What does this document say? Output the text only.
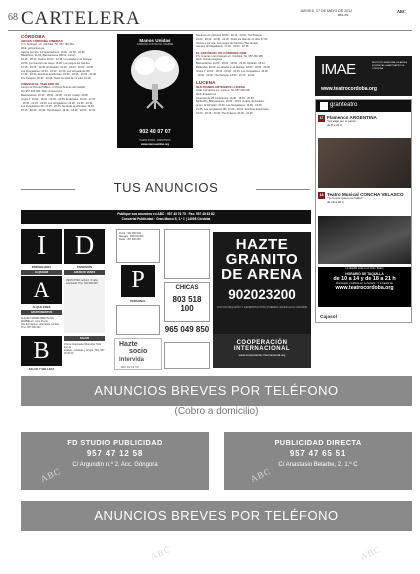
68 CARTELERA	JUEVES, 17 DE MAYO DE 2012
abc.es
ABC
CÓRDOBA
ARCOS CÓRDOBA CINEMAS

C.C. Arcángel, s/n. Córdoba. Tel. 957 760 461

Web: yelmocines.es

Agente secreto. 14 espectadores: 16:00 · 20:00 · 22:35

Blackthorn. 21:00. Blancanieves (Mirror, mirror).

16:15 · 18:30. Cuatro: 16:00 · 22:45. La cabaña en el bosque:

22:50. La invención de Hugo: 16:00. Los juegos del hambre:

16:15 · 19:15 · 22:00. El dictador: 16:00 · 18:00 · 20:00 · 22:00.

Los Vengadores: 16:30 · 19:30 · 22:30. Los Vengadores 3D:

17:30 · 20:30. Sombras tenebrosas: 16:00 · 18:15 · 20:30 · 22:45.

The Pelayos: 18:30 · 20:45. Todos los días de mi vida: 16:00.

CINESUR EL TABLERO 3D

Centro de Ocio El Tablero. C/ Pintor Antonio del Castillo.

Tel. 957 400 000. Web: cinesur.com

Blancanieves: 16:30 · 18:30 · 20:30 · 22:30. Cuatro: 20:30.

Grupo 7: 16:00 · 18:15 · 20:30 · 22:45. El dictador: 16:00 · 17:45

· 19:30 · 21:15 · 23:00. Los Vengadores: 16:30 · 19:30 · 22:30.

Los Vengadores 3D: 17:45 · 20:45. Sombras tenebrosas: 16:00 ·

18:15 · 20:30 · 22:45. The Pelayos: 16:00 · 18:00 · 20:00 · 22:00.

Manos Unidas
CAMPAÑA CONTRA EL HAMBRE
902 40 07 07
HAZTE SOCIO · DONATIVOS
www.manosunidas.org

Nombres con historia: 18:00 · 20:15 · 22:30. The Pelayos:

16:00 · 18:30 · 20:30 · 22:30. Todos los días de mi vida: 17:00.

Vamos a por ella. Los juegos del hambre (The Hunger

Games) de Magallanes: 17:00 · 20:00 · 22:30.

EL ARCÁNGEL DE CÓRDOBA CINE

P.S. Guerrero del Arcángel s/n. Córdoba. Tel. 957 260 185

Web: cinesarcangel.es

Blancanieves: 16:00 · 18:00 · 20:00 · 22:00. Dictador: 18:10.

Battleship: 20:00. La cabaña en el bosque: 16:00 · 18:00 · 20:00.

Grupo 7: 16:00 · 18:15 · 20:30 · 22:45. Los Vengadores: 16:00

· 19:00 · 22:00. The Pelayos: 18:00 · 20:15 · 22:30.

LUCENA
MULTICINES ARTESIETE LUCENA

Avda. Cervantes s/n. Lucena. Tel. 957 000 000

Web: artesiete.es

Atracción de 25 inmigrantes: 16:00 · 18:15 · 20:30.

Battleship. Blancanieves: 16:00 · 18:15. Cuatro. El dictador:

grupo. El Dictador: 16:00. Los Vengadores: 16:00 · 19:00 ·

21:45. Los vengadores 3D: 17:00 · 20:00. Sombras tenebrosas.

16:00 · 18:15 · 20:30. The Pelayos: 20:00 · 22:15.

IMAE	INSTITUTO MUNICIPAL DE ARTES ESCÉNICAS GRAN TEATRO DE CÓRDOBA
www.teatrocordoba.org
granteatro
17 Flamenco ARGENTINA
"Un viaje por el cante"
de 8 a 21 h
18 Teatro Musical CONCHA VELASCO
"Yo lo que quiero es bailar"
de 18 a 20 h
La taquilla está en el Gran Teatro
HORARIO DE TAQUILLA
de 10 a 14 y de 18 a 21 h
Domingos y festivos en su horario · Y a través de
www.teatrocordoba.org
Cajasol
TUS ANUNCIOS
Publique sus anuncios en ABC · 957 49 76 75 · Fax: 957 49 62 82
Concertal Publicidad · Gran Marco 8, 1.º 1 | 14008 Córdoba
I
INMOBILIARIA
ALQUILER
D
DIVERSIÓN
ANUNCIO VENTA
A
ALQUILERES
APARTAMENTOS

ALQUILO APARTAMENTO EN MARBELLA, zona Puerto.

Dos dormitorios, dos baños, terraza. Tfno. 657 000 000

VENTA PISO céntrico, 3 habs., reformado. Tfno. 600 000 000
B
SALUD Y BELLEZA
SALUD

Clínica Veterinaria Villarrubia. Todo tipo de

análisis, consultas y cirugía. Tfno. 957 00 00 00

Penta · 902 000 000

Masajes · 666 000 000

Relax · 957 000 000

P
PERSONAL
Hazte
socio
Intervida
902 19 19 19
CHICAS
803 518 100
965 049 850
HAZTE
GRANITO
DE ARENA
902023200
CON UN PEQUEÑO Y GENEROSO PASO PUEDES HACER ALGO GRANDE
COOPERACIÓN
INTERNACIONAL
www.cooperacion-internacional.org
ANUNCIOS BREVES POR TELÉFONO
(Cobro a domicilio)
FD STUDIO PUBLICIDAD
957 47 12 58
C/ Argundín n.º 2. Acc. Góngora
PUBLICIDAD DIRECTA
957 47 65 51
C/ Anastasio Belarbe, 2. 1.º C
ANUNCIOS BREVES POR TELÉFONO
ABC	ABC
ABC	ABC
